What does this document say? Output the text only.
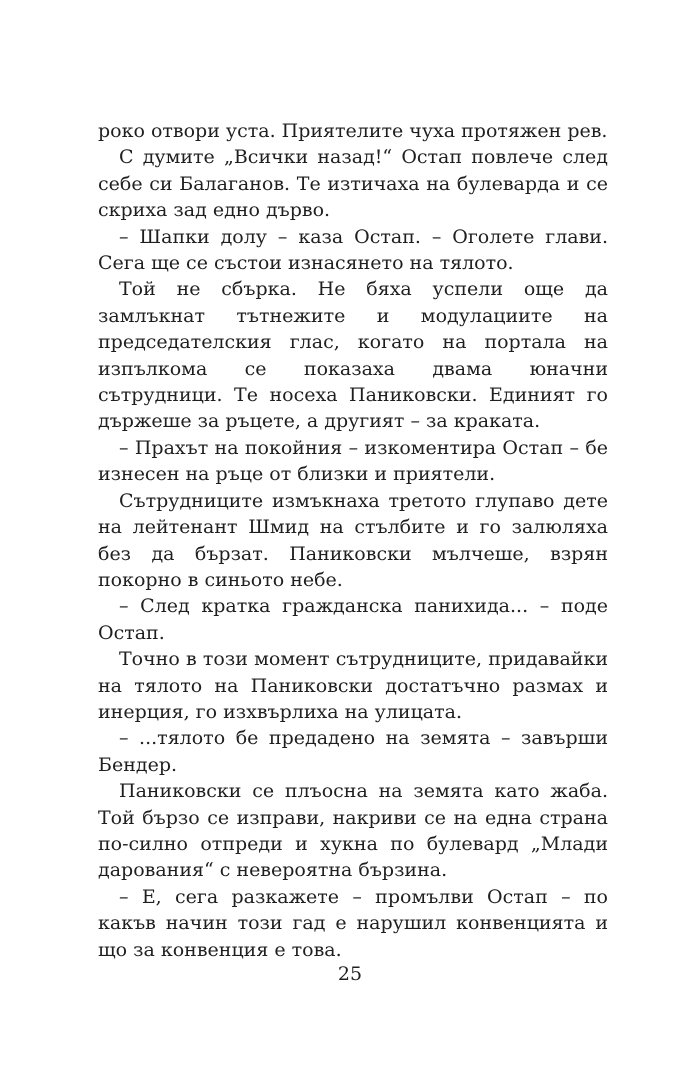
роко отвори уста. Приятелите чуха протяжен рев.

С думите „Всички назад!“ Остап повлече след себе си Балаганов. Те изтичаха на булеварда и се скриха зад едно дърво.

– Шапки долу – каза Остап. – Оголете глави. Сега ще се състои изнасянето на тялото.

Той не сбърка. Не бяха успели още да замлъкнат тътнежите и модулациите на председателския глас, когато на портала на изпълкома се показаха двама юначни сътрудници. Те носеха Паниковски. Единият го държеше за ръцете, а другият – за краката.

– Прахът на покойния – изкоментира Остап – бе изнесен на ръце от близки и приятели.

Сътрудниците измъкнаха третото глупаво дете на лейтенант Шмид на стълбите и го залюляха без да бързат. Паниковски мълчеше, взрян покорно в синьото небе.

– След кратка гражданска панихида... – поде Остап.

Точно в този момент сътрудниците, придавайки на тялото на Паниковски достатъчно размах и инерция, го изхвърлиха на улицата.

– ...тялото бе предадено на земята – завърши Бендер.

Паниковски се плъосна на земята като жаба. Той бързо се изправи, накриви се на една страна по-силно отпреди и хукна по булевард „Млади дарования“ с невероятна бързина.

– Е, сега разкажете – промълви Остап – по какъв начин този гад е нарушил конвенцията и що за конвенция е това.

25
